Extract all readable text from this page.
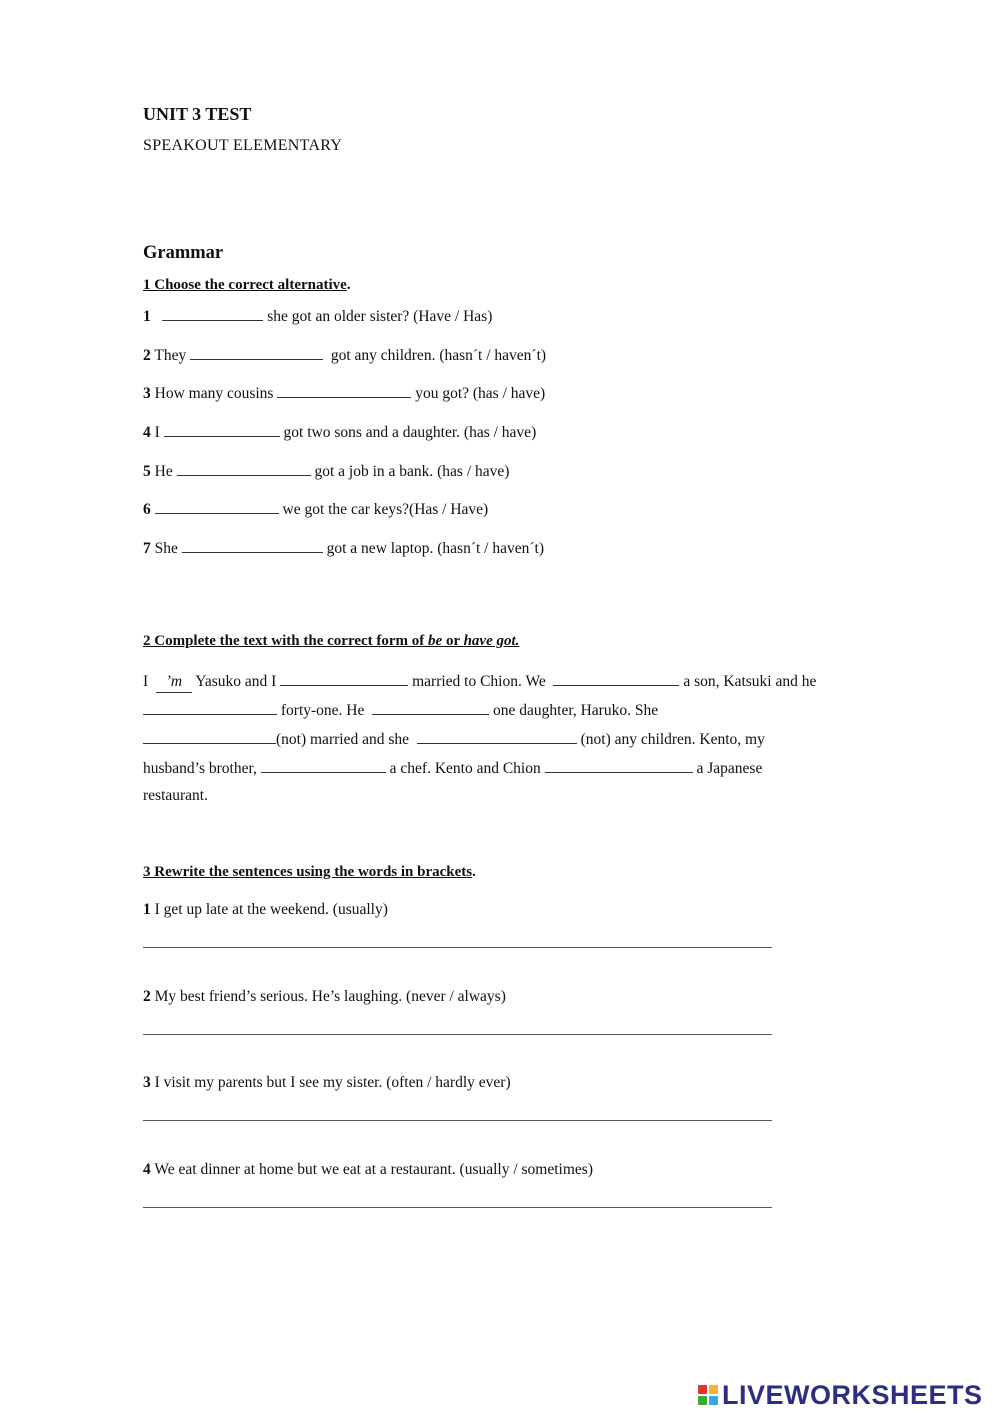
UNIT 3 TEST
SPEAKOUT ELEMENTARY
Grammar
1 Choose the correct alternative.
1	she got an older sister? (Have / Has)
2 They	got any children. (hasn´t / haven´t)
3 How many cousins	you got? (has / have)
4 I	got two sons and a daughter. (has / have)
5 He	got a job in a bank. (has / have)
6	we got the car keys?(Has / Have)
7 She	got a new laptop. (hasn´t / haven´t)
2 Complete the text with the correct form of be or have got.
I ’m Yasuko and I	married to Chion. We	a son, Katsuki and he
forty-one. He	one daughter, Haruko. She
(not) married and she	(not) any children. Kento, my
husband’s brother,	a chef. Kento and Chion	a Japanese
restaurant.
3 Rewrite the sentences using the words in brackets.
1 I get up late at the weekend. (usually)
2 My best friend’s serious. He’s laughing. (never / always)
3 I visit my parents but I see my sister. (often / hardly ever)
4 We eat dinner at home but we eat at a restaurant. (usually / sometimes)
LIVEWORKSHEETS
